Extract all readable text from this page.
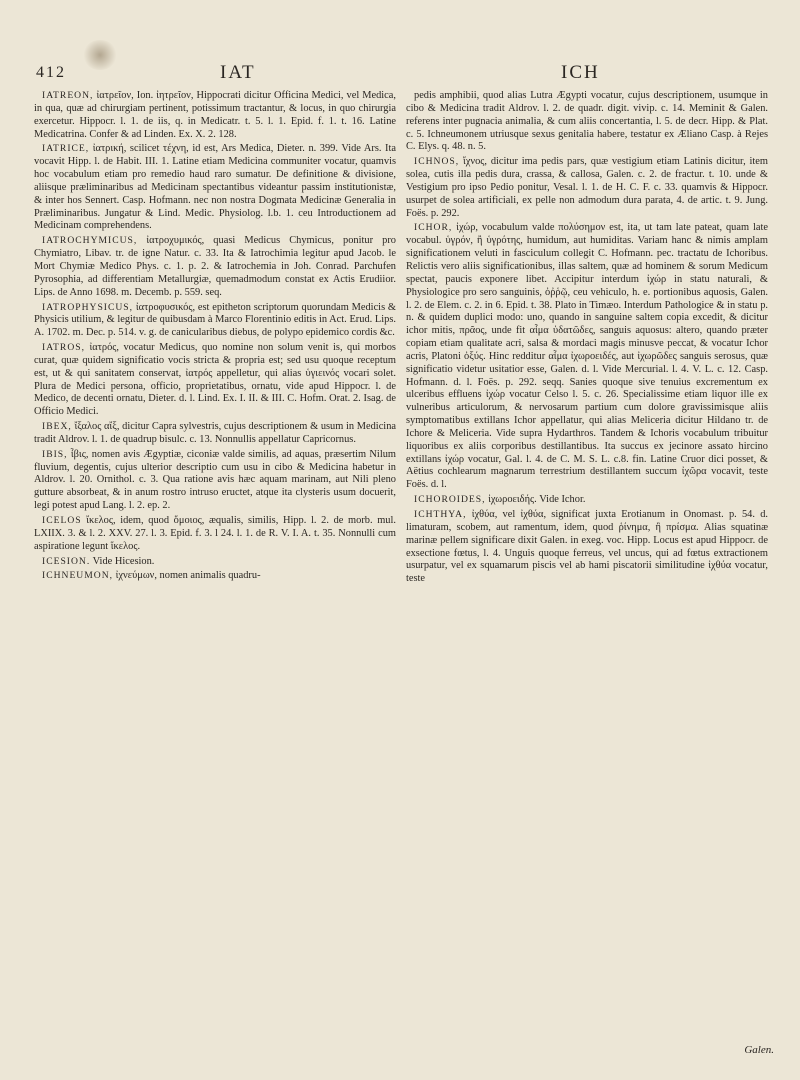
412	IAT	ICH

IATREON, ἰατρεῖον, Ion. ἰητρεῖον, Hippocrati dicitur Officina Medici, vel Medica, in qua, quæ ad chirurgiam pertinent, potissimum tractantur, & locus, in quo chirurgia exercetur. Hippocr. l. 1. de iis, q. in Medicatr. t. 5. l. 1. Epid. f. 1. t. 16. Latine Medicatrina. Confer & ad Linden. Ex. X. 2. 128.

IATRICE, ἰατρική, scilicet τέχνη, id est, Ars Medica, Dieter. n. 399. Vide Ars. Ita vocavit Hipp. l. de Habit. III. 1. Latine etiam Medicina communiter vocatur, quamvis hoc vocabulum etiam pro remedio haud raro sumatur. De definitione & divisione, aliisque præliminaribus ad Medicinam spectantibus videantur passim institutionistæ, & inter hos Sennert. Casp. Hofmann. nec non nostra Dogmata Medicinæ Generalia in Præliminaribus. Jungatur & Lind. Medic. Physiolog. l.b. 1. ceu Introductionem ad Medicinam comprehendens.

IATROCHYMICUS, ἰατροχυμικός, quasi Medicus Chymicus, ponitur pro Chymiatro, Libav. tr. de igne Natur. c. 33. Ita & Iatrochimia legitur apud Jacob. le Mort Chymiæ Medico Phys. c. 1. p. 2. & Iatrochemia in Joh. Conrad. Parchufen Pyrosophia, ad differentiam Metallurgiæ, quemadmodum constat ex Actis Erudiior. Lips. de Anno 1698. m. Decemb. p. 559. seq.

IATROPHYSICUS, ἰατροφυσικός, est epitheton scriptorum quorundam Medicis & Physicis utilium, & legitur de quibusdam à Marco Florentinio editis in Act. Erud. Lips. A. 1702. m. Dec. p. 514. v. g. de canicularibus diebus, de polypo epidemico cordis &c.

IATROS, ἰατρός, vocatur Medicus, quo nomine non solum venit is, qui morbos curat, quæ quidem significatio vocis stricta & propria est; sed usu quoque receptum est, ut & qui sanitatem conservat, ἰατρός appelletur, qui alias ὑγιεινός vocari solet. Plura de Medici persona, officio, proprietatibus, ornatu, vide apud Hippocr. l. de Medico, de decenti ornatu, Dieter. d. l. Lind. Ex. I. II. & III. C. Hofm. Orat. 2. Isag. de Officio Medici.

IBEX, ἴξαλος αἴξ, dicitur Capra sylvestris, cujus descriptionem & usum in Medicina tradit Aldrov. l. 1. de quadrup bisulc. c. 13. Nonnullis appellatur Capricornus.

IBIS, ἶβις, nomen avis Ægyptiæ, ciconiæ valde similis, ad aquas, præsertim Nilum fluvium, degentis, cujus ulterior descriptio cum usu in cibo & Medicina habetur in Aldrov. l. 20. Ornithol. c. 3. Qua ratione avis hæc aquam marinam, aut Nili pleno gutture absorbeat, & in anum rostro intruso eructet, atque ita clysteris usum docuerit, legi potest apud Lang. l. 2. ep. 2.

ICELOS ἴκελος, idem, quod ὅμοιος, æqualis, similis, Hipp. l. 2. de morb. mul. LXIIX. 3. & l. 2. XXV. 27. l. 3. Epid. f. 3. l 24. l. 1. de R. V. I. A. t. 35. Nonnulli cum aspiratione legunt ἵκελος.

ICESION. Vide Hicesion.

ICHNEUMON, ἰχνεύμων, nomen animalis quadru-

pedis amphibii, quod alias Lutra Ægypti vocatur, cujus descriptionem, usumque in cibo & Medicina tradit Aldrov. l. 2. de quadr. digit. vivip. c. 14. Meminit & Galen. referens inter pugnacia animalia, & cum aliis concertantia, l. 5. de decr. Hipp. & Plat. c. 5. Ichneumonem utriusque sexus genitalia habere, testatur ex Æliano Casp. à Rejes C. Elys. q. 48. n. 5.

ICHNOS, ἴχνος, dicitur ima pedis pars, quæ vestigium etiam Latinis dicitur, item solea, cutis illa pedis dura, crassa, & callosa, Galen. c. 2. de fractur. t. 10. unde & Vestigium pro ipso Pedio ponitur, Vesal. l. 1. de H. C. F. c. 33. quamvis & Hippocr. usurpet de solea artificiali, ex pelle non admodum dura parata, 4. de artic. t. 9. Jung. Foës. p. 292.

ICHOR, ἰχώρ, vocabulum valde πολύσημον est, ita, ut tam late pateat, quam late vocabul. ὑγρόν, ἢ ὑγρότης, humidum, aut humiditas. Variam hanc & nimis amplam significationem veluti in fasciculum collegit C. Hofmann. pec. tractatu de Ichoribus. Relictis vero aliis significationibus, illas saltem, quæ ad hominem & sorum Medicum spectat, paucis exponere libet. Accipitur interdum ἰχώρ in statu naturali, & Physiologice pro sero sanguinis, ὀῤῥῷ, ceu vehiculo, h. e. portionibus aquosis, Galen. l. 2. de Elem. c. 2. in 6. Epid. t. 38. Plato in Timæo. Interdum Pathologice & in statu p. n. & quidem duplici modo: uno, quando in sanguine saltem copia excedit, & dicitur ichor mitis, πρᾶος, unde fit αἷμα ὑδατῶδες, sanguis aquosus: altero, quando præter copiam etiam qualitate acri, salsa & mordaci magis minusve peccat, & vocatur Ichor acris, Platoni ὀξύς. Hinc redditur αἷμα ἰχωροειδές, aut ἰχωρῶδες sanguis serosus, quæ significatio videtur usitatior esse, Galen. d. l. Vide Mercurial. l. 4. V. L. c. 12. Casp. Hofmann. d. l. Foës. p. 292. seqq. Sanies quoque sive tenuius excrementum ex ulceribus effluens ἰχώρ vocatur Celso l. 5. c. 26. Specialissime etiam liquor ille ex vulneribus articulorum, & nervosarum partium cum dolore gravissimisque aliis symptomatibus extillans Ichor appellatur, qui alias Meliceria dicitur Hildano tr. de Ichore & Meliceria. Vide supra Hydarthros. Tandem & Ichoris vocabulum tribuitur liquoribus ex aliis corporibus destillantibus. Ita succus ex jecinore assato hircino extillans ἰχώρ vocatur, Gal. l. 4. de C. M. S. L. c.8. fin. Latine Cruor dici posset, & Aëtius cochlearum magnarum terrestrium destillantem succum ἰχῶρα vocavit, teste Foës. d. l.

ICHOROIDES, ἰχωροειδής. Vide Ichor.

ICHTHYA, ἰχθύα, vel ἰχθύα, significat juxta Erotianum in Onomast. p. 54. d. limaturam, scobem, aut ramentum, idem, quod ῥίνημα, ἢ πρίσμα. Alias squatinæ marinæ pellem significare dixit Galen. in exeg. voc. Hipp. Locus est apud Hippocr. de exsectione fœtus, l. 4. Unguis quoque ferreus, vel uncus, qui ad fœtus extractionem usurpatur, vel ex squamarum piscis vel ab hami piscatorii similitudine ἰχθύα vocatur, teste

Galen.
